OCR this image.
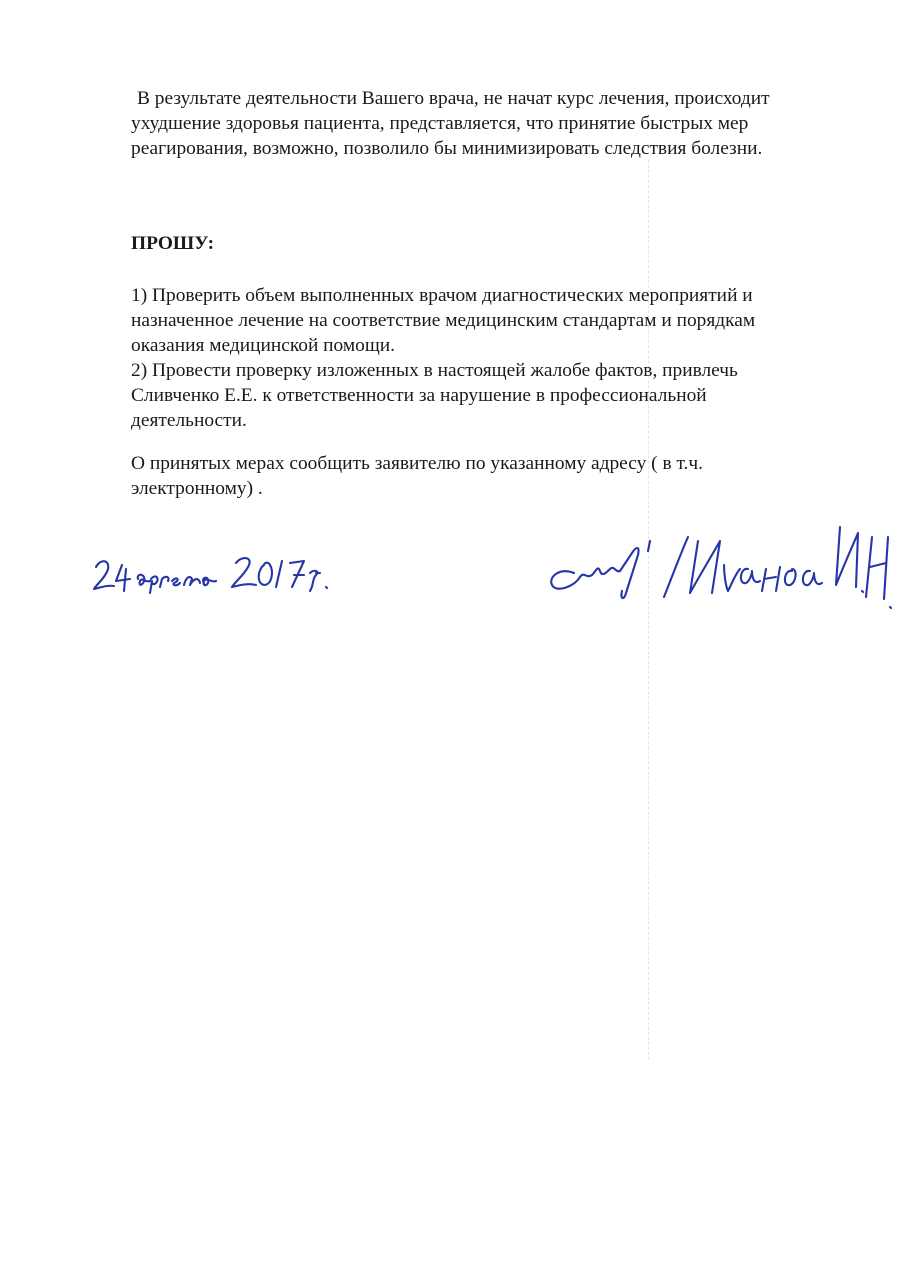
В результате деятельности Вашего врача, не начат курс лечения, происходит
ухудшение здоровья пациента, представляется, что принятие быстрых мер
реагирования, возможно, позволило бы минимизировать следствия болезни.

ПРОШУ:

1) Проверить объем выполненных врачом диагностических мероприятий и
назначенное лечение на соответствие медицинским стандартам и порядкам
оказания медицинской помощи.
2) Провести проверку изложенных в настоящей жалобе фактов, привлечь
Сливченко Е.Е. к ответственности за нарушение в профессиональной
деятельности.

О принятых мерах сообщить заявителю по указанному адресу ( в т.ч.
электронному) .
